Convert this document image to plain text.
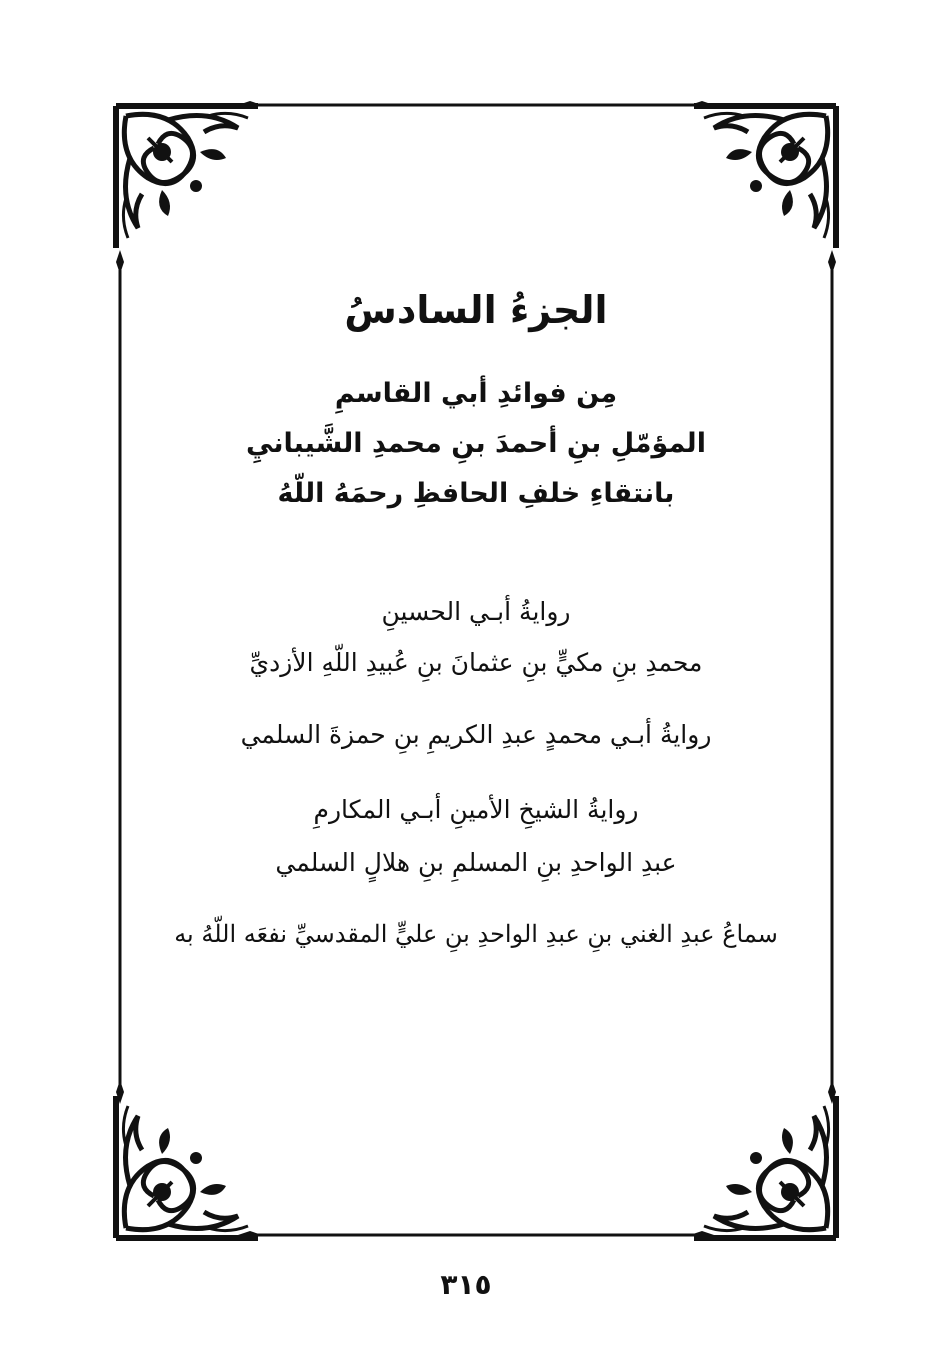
الجزءُ السادسُ

مِن فوائدِ أبي القاسمِ

المؤمّلِ بنِ أحمدَ بنِ محمدِ الشَّيبانيِ

بانتقاءِ خلفِ الحافظِ رحمَهُ اللّهُ

روايةُ أبـي الحسينِ

محمدِ بنِ مكيٍّ بنِ عثمانَ بنِ عُبيدِ اللّهِ الأزديِّ

روايةُ أبـي محمدٍ عبدِ الكريمِ بنِ حمزةَ السلمي

روايةُ الشيخِ الأمينِ أبـي المكارمِ

عبدِ الواحدِ بنِ المسلمِ بنِ هلالٍ السلمي

سماعُ عبدِ الغني بنِ عبدِ الواحدِ بنِ عليٍّ المقدسيِّ نفعَه اللّهُ به

٣١٥
